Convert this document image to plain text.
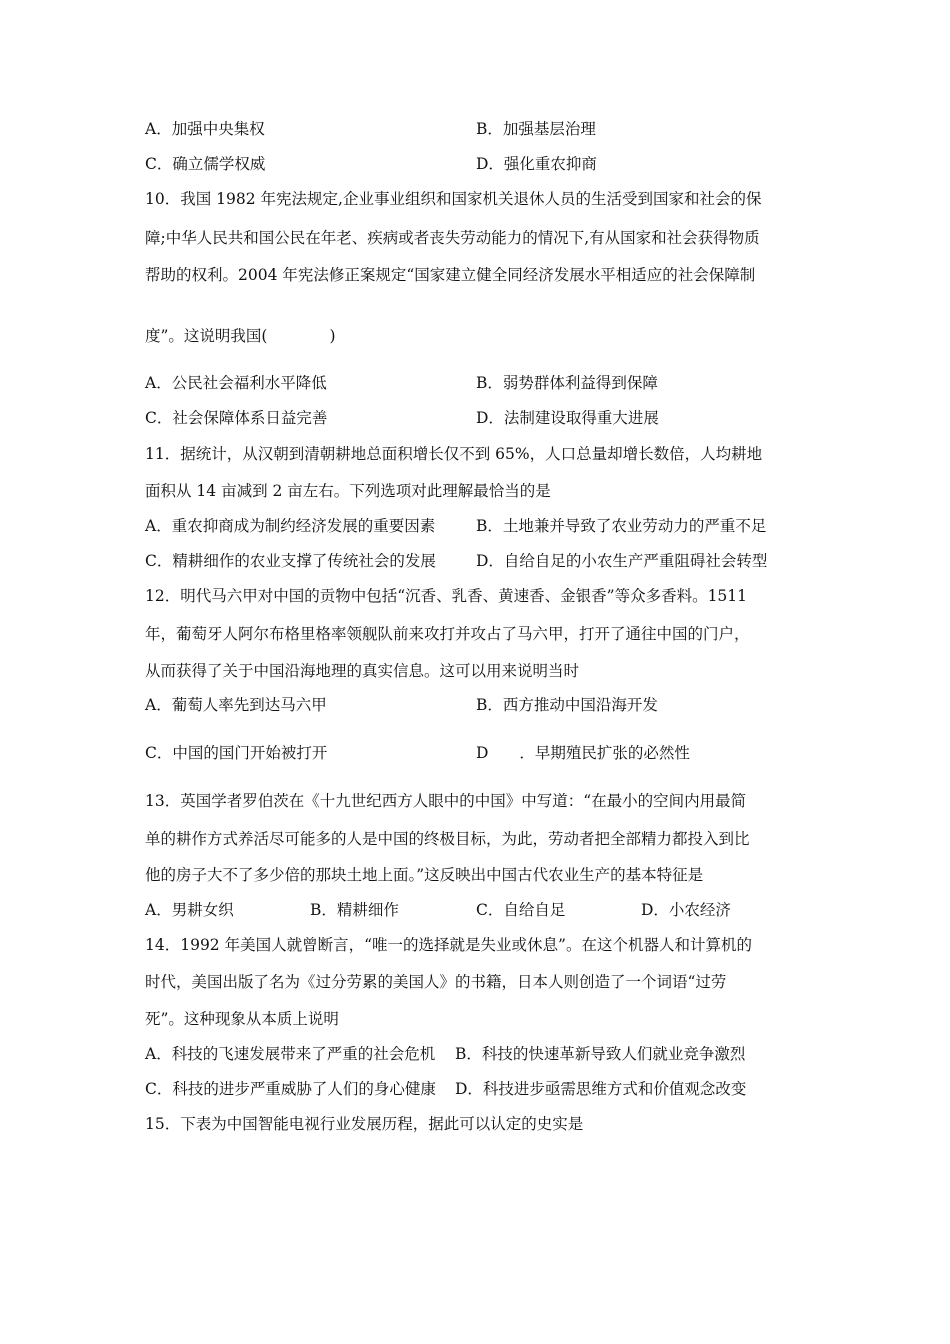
A．加强中央集权	B．加强基层治理
C．确立儒学权威	D．强化重农抑商
10．我国 1982 年宪法规定,企业事业组织和国家机关退休人员的生活受到国家和社会的保
障;中华人民共和国公民在年老、疾病或者丧失劳动能力的情况下,有从国家和社会获得物质
帮助的权利。2004 年宪法修正案规定“国家建立健全同经济发展水平相适应的社会保障制
度”。这说明我国(　　　　)
A．公民社会福利水平降低	B．弱势群体利益得到保障
C．社会保障体系日益完善	D．法制建设取得重大进展
11．据统计，从汉朝到清朝耕地总面积增长仅不到 65%，人口总量却增长数倍，人均耕地
面积从 14 亩减到 2 亩左右。下列选项对此理解最恰当的是
A．重农抑商成为制约经济发展的重要因素	B．土地兼并导致了农业劳动力的严重不足
C．精耕细作的农业支撑了传统社会的发展	D．自给自足的小农生产严重阻碍社会转型
12．明代马六甲对中国的贡物中包括“沉香、乳香、黄速香、金银香”等众多香料。1511
年，葡萄牙人阿尔布格里格率领舰队前来攻打并攻占了马六甲，打开了通往中国的门户，
从而获得了关于中国沿海地理的真实信息。这可以用来说明当时
A．葡萄人率先到达马六甲	B．西方推动中国沿海开发
C．中国的国门开始被打开	D　　．早期殖民扩张的必然性
13．英国学者罗伯茨在《十九世纪西方人眼中的中国》中写道：“在最小的空间内用最简
单的耕作方式养活尽可能多的人是中国的终极目标，为此，劳动者把全部精力都投入到比
他的房子大不了多少倍的那块土地上面。”这反映出中国古代农业生产的基本特征是
A．男耕女织	B．精耕细作	C．自给自足	D．小农经济
14．1992 年美国人就曾断言，“唯一的选择就是失业或休息”。在这个机器人和计算机的
时代，美国出版了名为《过分劳累的美国人》的书籍，日本人则创造了一个词语“过劳
死”。这种现象从本质上说明
A．科技的飞速发展带来了严重的社会危机 B．科技的快速革新导致人们就业竞争激烈
C．科技的进步严重威胁了人们的身心健康 D．科技进步亟需思维方式和价值观念改变
15．下表为中国智能电视行业发展历程，据此可以认定的史实是
